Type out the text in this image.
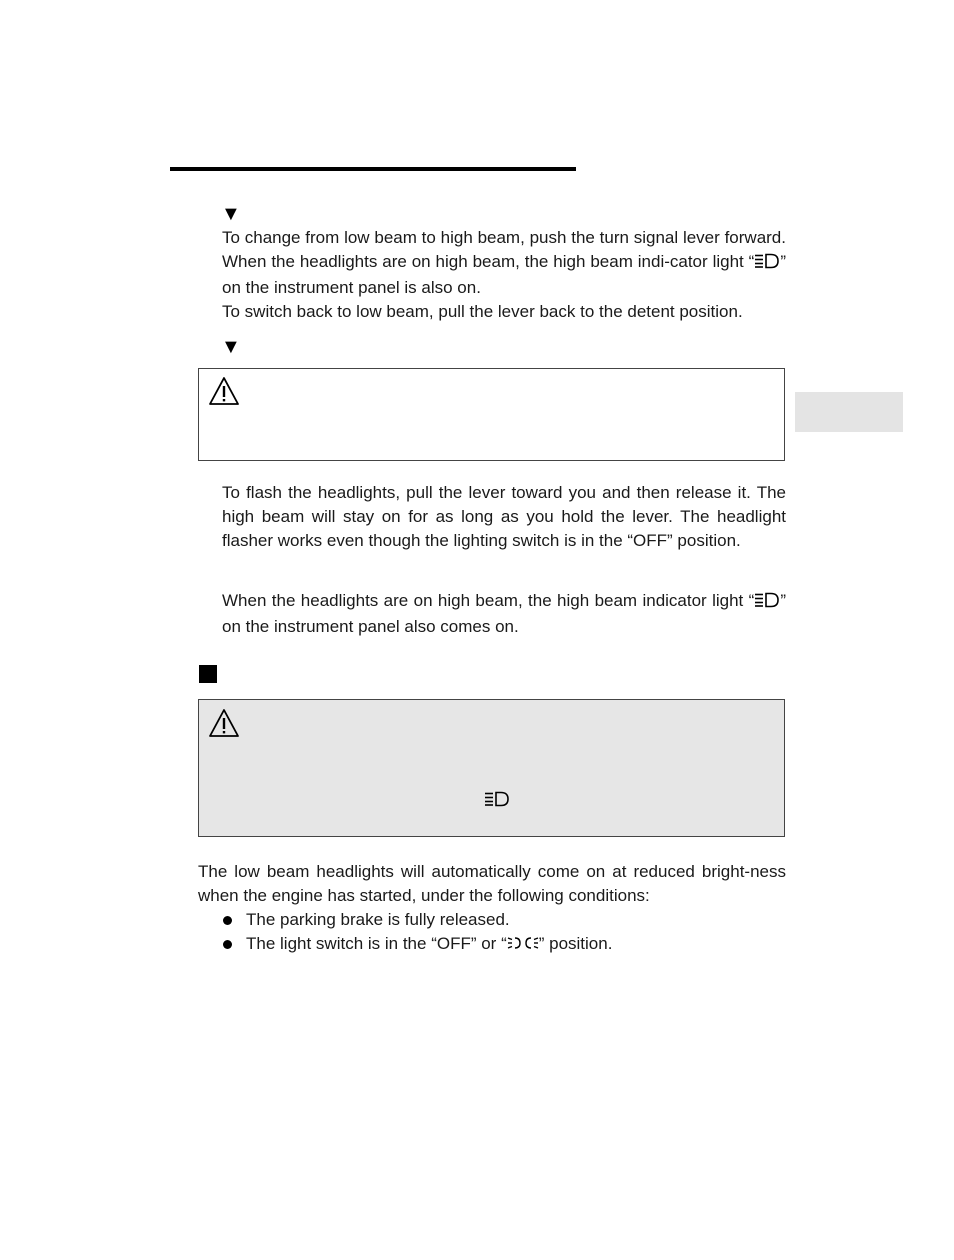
▼

To change from low beam to high beam, push the turn signal lever forward. When the headlights are on high beam, the high beam indi-cator light “ ” on the instrument panel is also on.

To switch back to low beam, pull the lever back to the detent position.

▼

To flash the headlights, pull the lever toward you and then release it. The high beam will stay on for as long as you hold the lever. The headlight flasher works even though the lighting switch is in the “OFF” position.

When the headlights are on high beam, the high beam indicator light “ ” on the instrument panel also comes on.

The low beam headlights will automatically come on at reduced bright-ness when the engine has started, under the following conditions:

The parking brake is fully released.
The light switch is in the “OFF” or “ ” position.
